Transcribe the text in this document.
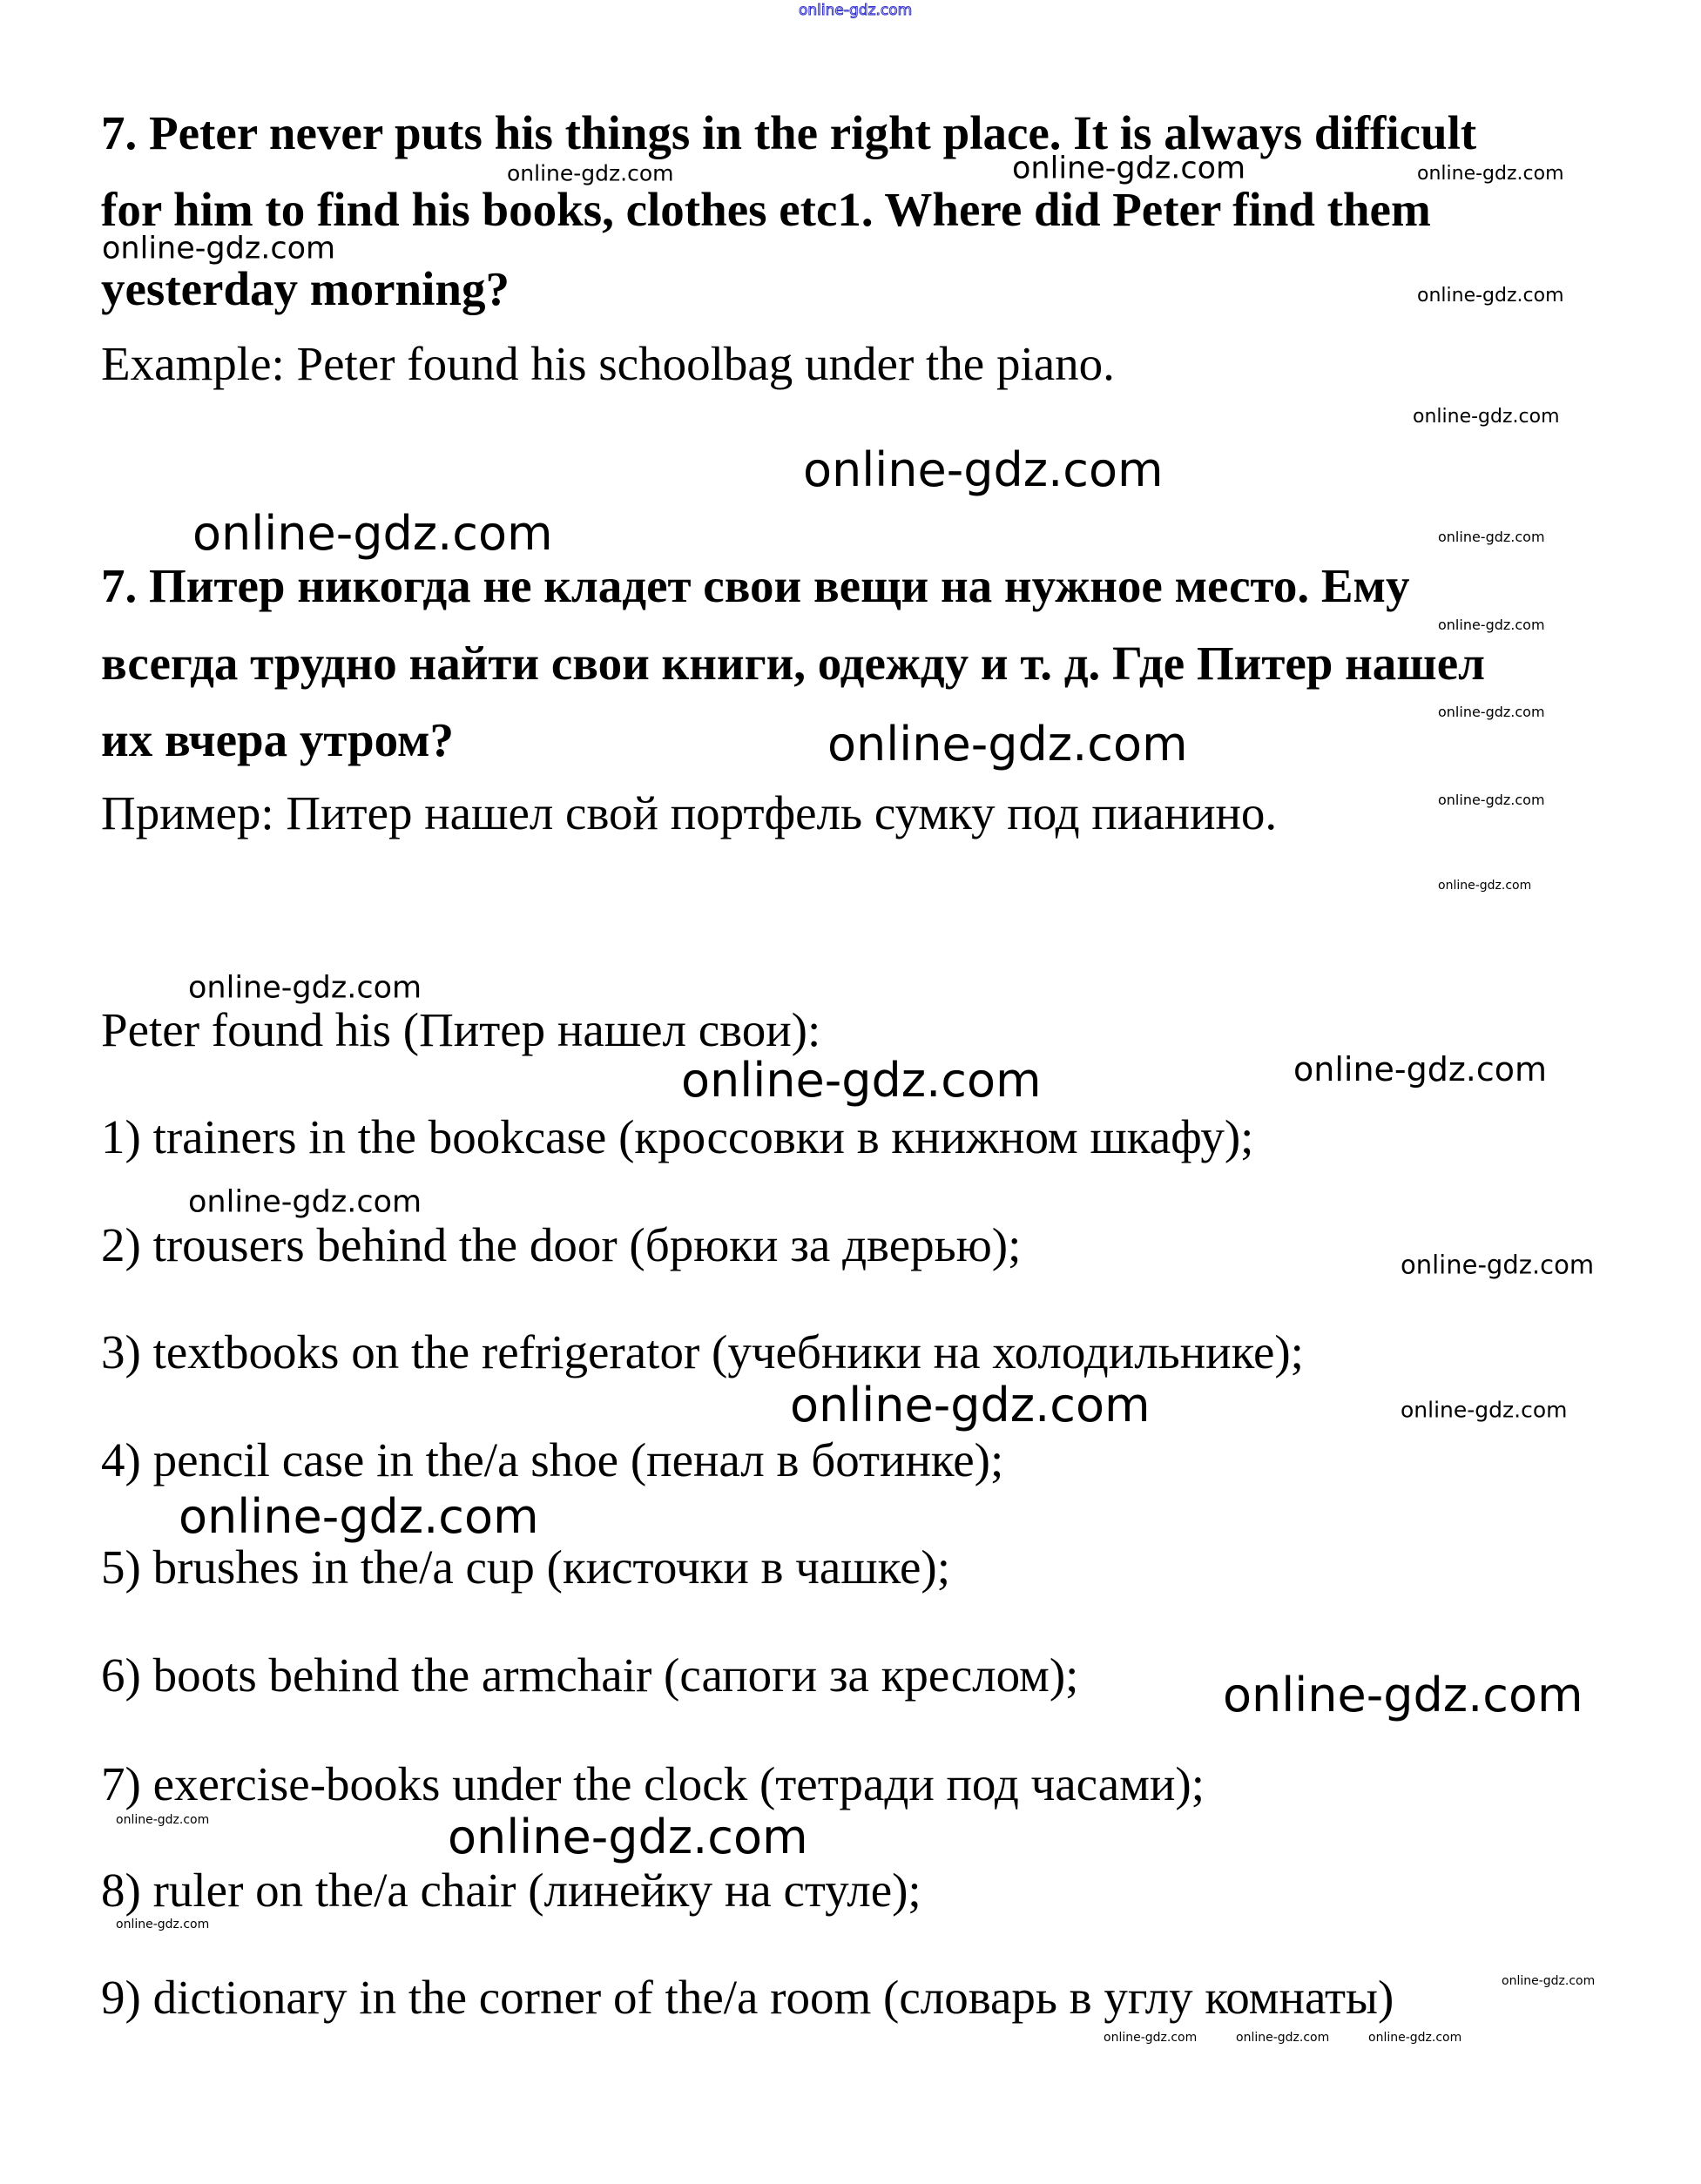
online-gdz.com
7. Peter never puts his things in the right place. It is always difficult
for him to find his books, clothes etc1. Where did Peter find them
yesterday morning?
Example: Peter found his schoolbag under the piano.
7. Питер никогда не кладет свои вещи на нужное место. Ему
всегда трудно найти свои книги, одежду и т. д. Где Питер нашел
их вчера утром?
Пример: Питер нашел свой портфель сумку под пианино.
Peter found his (Питер нашел свои):
1) trainers in the bookcase (кроссовки в книжном шкафу);
2) trousers behind the door (брюки за дверью);
3) textbooks on the refrigerator (учебники на холодильнике);
4) pencil case in the/a shoe (пенал в ботинке);
5) brushes in the/a cup (кисточки в чашке);
6) boots behind the armchair (сапоги за креслом);
7) exercise-books under the clock (тетради под часами);
8) ruler on the/a chair (линейку на стуле);
9) dictionary in the corner of the/a room (словарь в углу комнаты)
online-gdz.com	online-gdz.com	online-gdz.com
online-gdz.com
online-gdz.com
online-gdz.com
online-gdz.com
online-gdz.com	online-gdz.com
online-gdz.com
online-gdz.com
online-gdz.com
online-gdz.com
online-gdz.com
online-gdz.com
online-gdz.com	online-gdz.com
online-gdz.com
online-gdz.com
online-gdz.com	online-gdz.com
online-gdz.com
online-gdz.com
online-gdz.com	online-gdz.com
online-gdz.com
online-gdz.com	online-gdz.com	online-gdz.com
online-gdz.com
